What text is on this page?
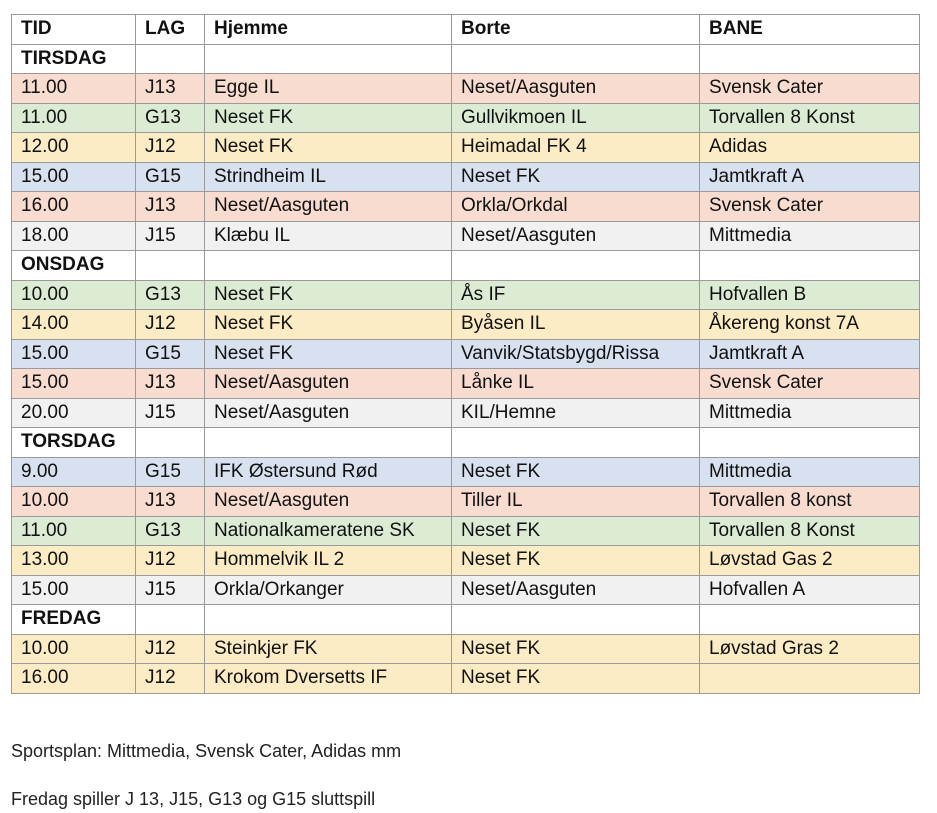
TID	LAG	Hjemme	Borte	BANE
TIRSDAG				
11.00	J13	Egge IL	Neset/Aasguten	Svensk Cater
11.00	G13	Neset FK	Gullvikmoen IL	Torvallen 8 Konst
12.00	J12	Neset FK	Heimadal FK 4	Adidas
15.00	G15	Strindheim IL	Neset FK	Jamtkraft A
16.00	J13	Neset/Aasguten	Orkla/Orkdal	Svensk Cater
18.00	J15	Klæbu IL	Neset/Aasguten	Mittmedia
ONSDAG				
10.00	G13	Neset FK	Ås IF	Hofvallen B
14.00	J12	Neset FK	Byåsen IL	Åkereng konst 7A
15.00	G15	Neset FK	Vanvik/Statsbygd/Rissa	Jamtkraft A
15.00	J13	Neset/Aasguten	Lånke IL	Svensk Cater
20.00	J15	Neset/Aasguten	KIL/Hemne	Mittmedia
TORSDAG				
9.00	G15	IFK Østersund Rød	Neset FK	Mittmedia
10.00	J13	Neset/Aasguten	Tiller IL	Torvallen 8 konst
11.00	G13	Nationalkameratene SK	Neset FK	Torvallen 8 Konst
13.00	J12	Hommelvik IL 2	Neset FK	Løvstad Gas 2
15.00	J15	Orkla/Orkanger	Neset/Aasguten	Hofvallen A
FREDAG				
10.00	J12	Steinkjer FK	Neset FK	Løvstad Gras 2
16.00	J12	Krokom Dversetts IF	Neset FK	
Sportsplan: Mittmedia, Svensk Cater, Adidas mm
Fredag spiller J 13, J15, G13 og G15 sluttspill
